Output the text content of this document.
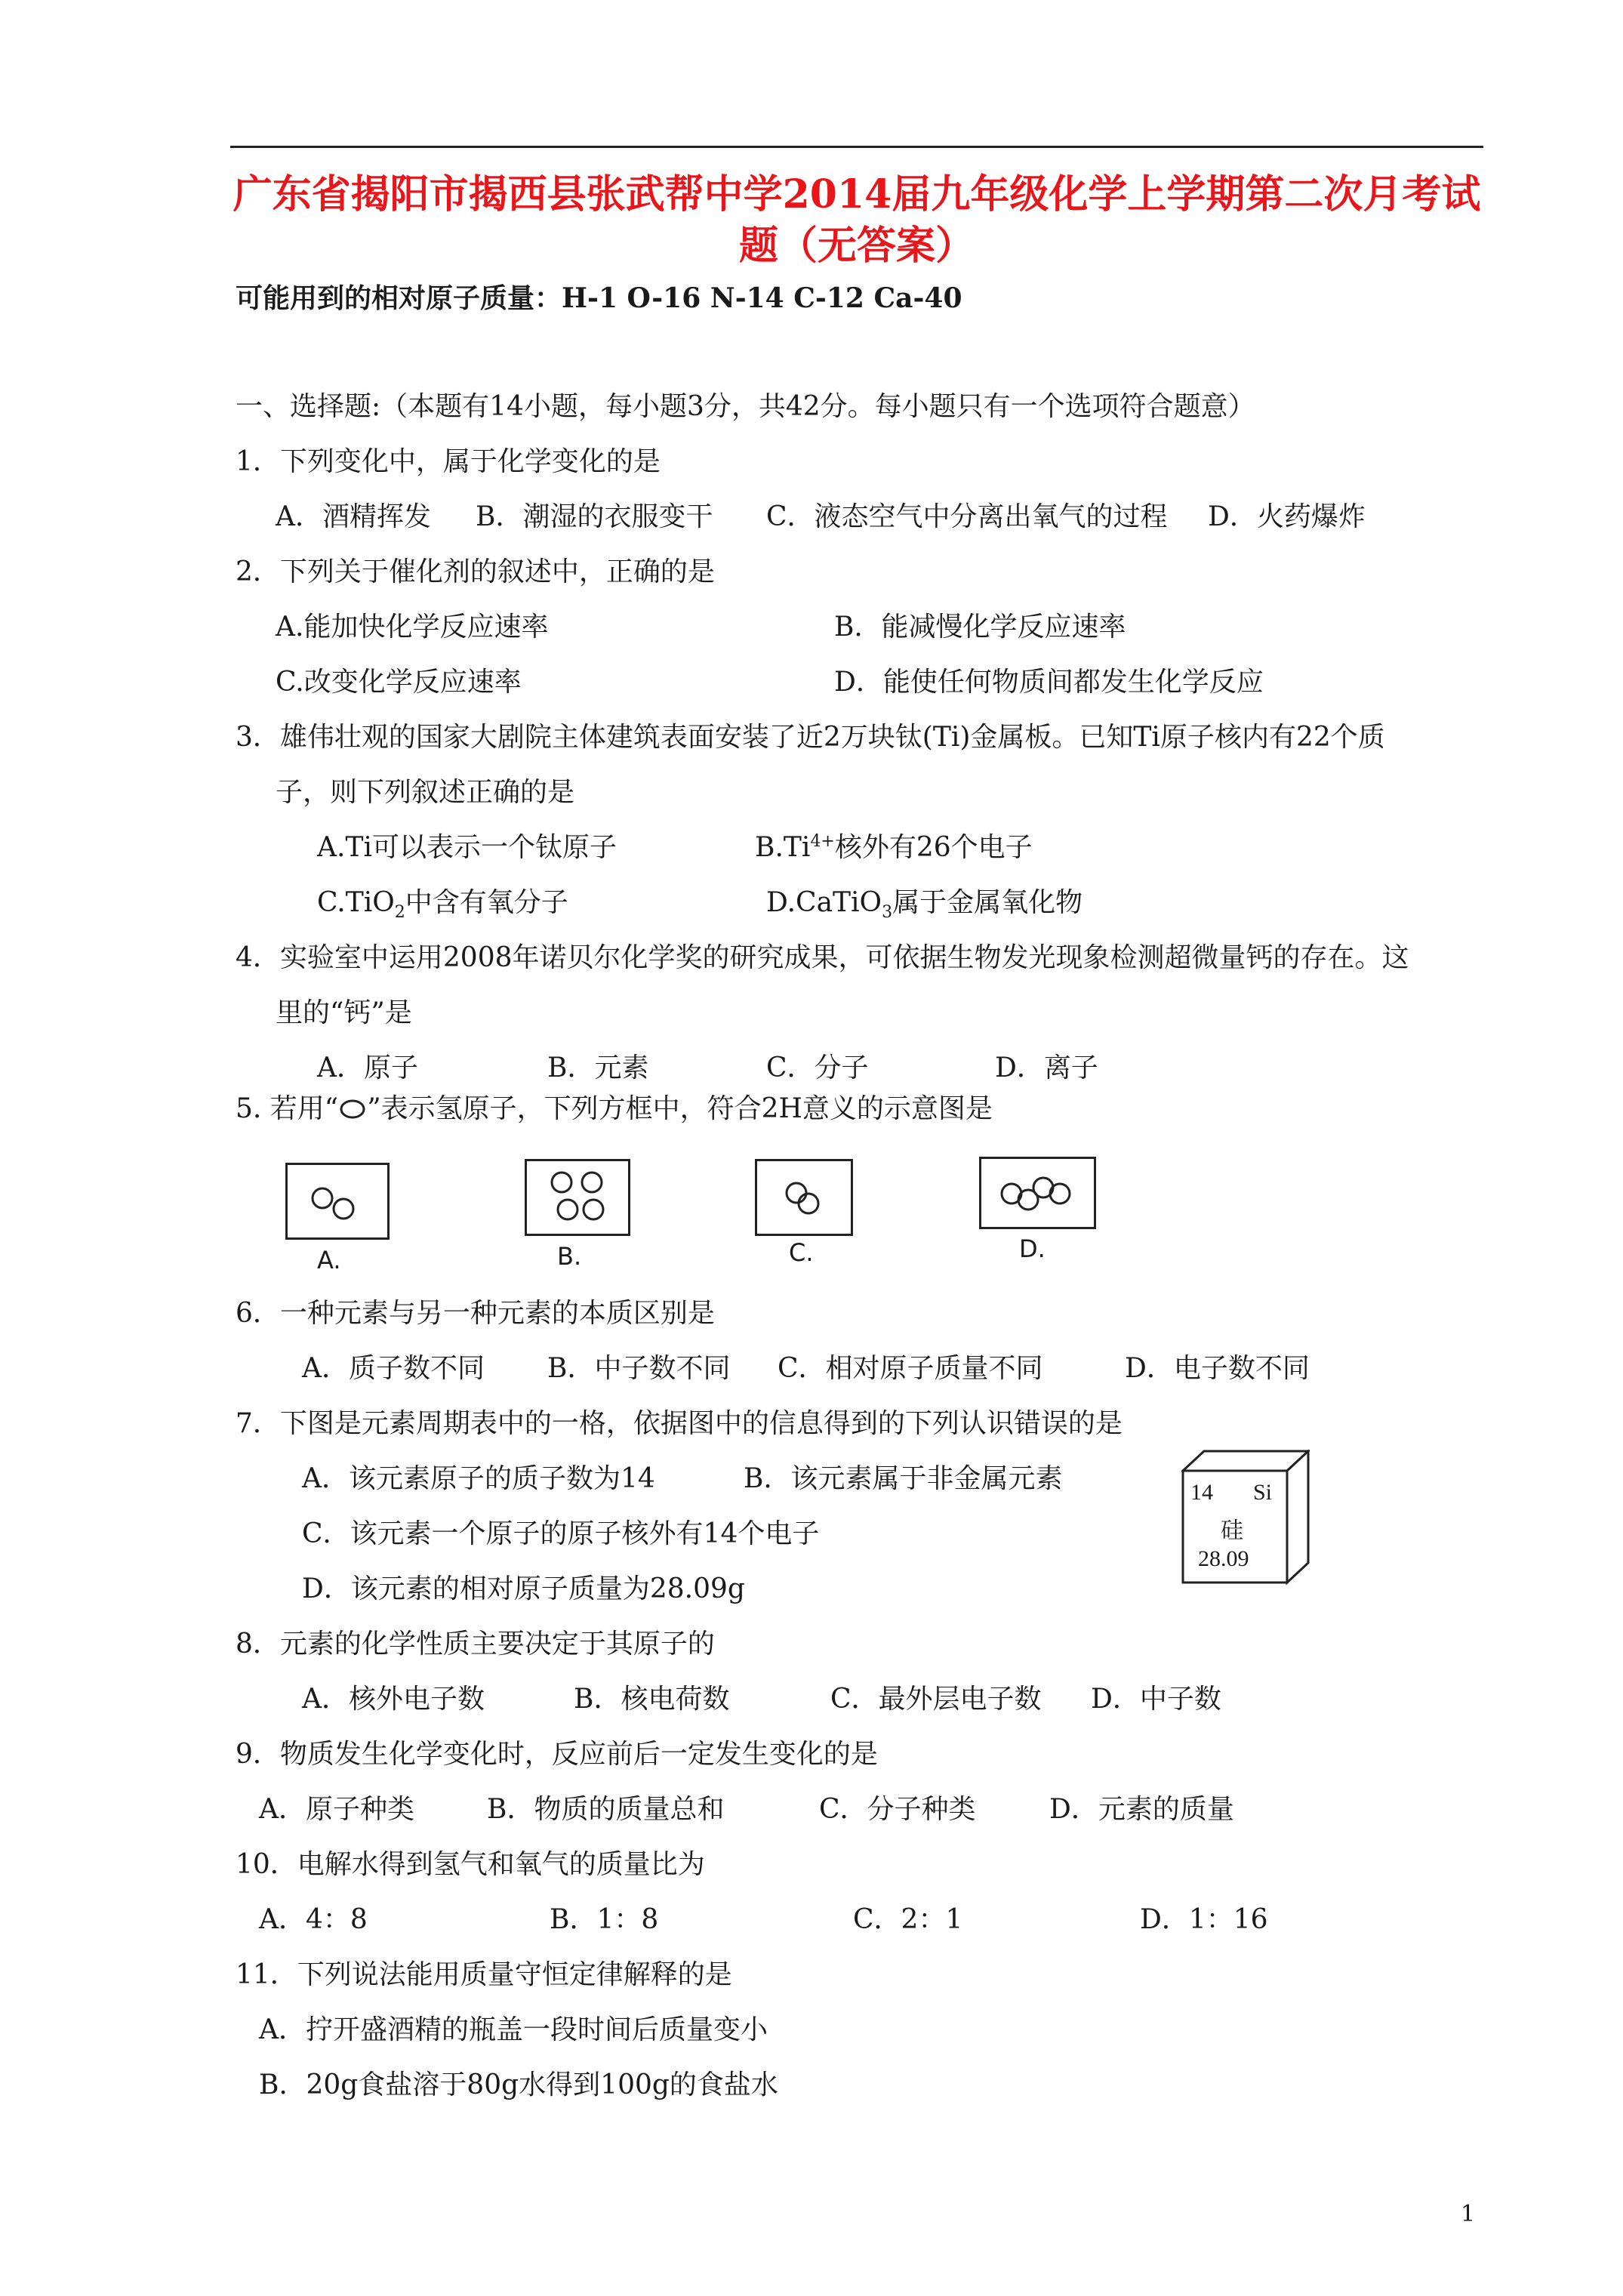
广东省揭阳市揭西县张武帮中学2014届九年级化学上学期第二次月考试
题（无答案）
可能用到的相对原子质量：H-1 O-16 N-14 C-12 Ca-40
一、选择题:（本题有14小题，每小题3分，共42分。每小题只有一个选项符合题意）
1．下列变化中，属于化学变化的是
A．酒精挥发 B．潮湿的衣服变干 C．液态空气中分离出氧气的过程 D．火药爆炸
2．下列关于催化剂的叙述中，正确的是
A.能加快化学反应速率	B．能减慢化学反应速率
C.改变化学反应速率	D．能使任何物质间都发生化学反应
3．雄伟壮观的国家大剧院主体建筑表面安装了近2万块钛(Ti)金属板。已知Ti原子核内有22个质
子，则下列叙述正确的是
A.Ti可以表示一个钛原子	$B.Ti^{4+}$核外有26个电子
C.TiO$_2$中含有氧分子	D.CaTiO$_3$属于金属氧化物
4．实验室中运用2008年诺贝尔化学奖的研究成果，可依据生物发光现象检测超微量钙的存在。这
里的“钙”是
A．原子	B．元素	C．分子	D．离子
5. 若用“ ”表示氢原子，下列方框中，符合2H意义的示意图是
A.	B.	C.	D.
6．一种元素与另一种元素的本质区别是
A．质子数不同 B．中子数不同 C．相对原子质量不同	D．电子数不同
7．下图是元素周期表中的一格，依据图中的信息得到的下列认识错误的是
A．该元素原子的质子数为14	B．该元素属于非金属元素
C．该元素一个原子的原子核外有14个电子
D．该元素的相对原子质量为28.09g
14 Si
硅
28.09
8．元素的化学性质主要决定于其原子的
A．核外电子数	B．核电荷数	C．最外层电子数 D．中子数
9．物质发生化学变化时，反应前后一定发生变化的是
A．原子种类	B．物质的质量总和	C．分子种类	D．元素的质量
10．电解水得到氢气和氧气的质量比为
A．4：8	B．1：8	C．2：1	D．1：16
11．下列说法能用质量守恒定律解释的是
A．拧开盛酒精的瓶盖一段时间后质量变小
B．20g食盐溶于80g水得到100g的食盐水
1
